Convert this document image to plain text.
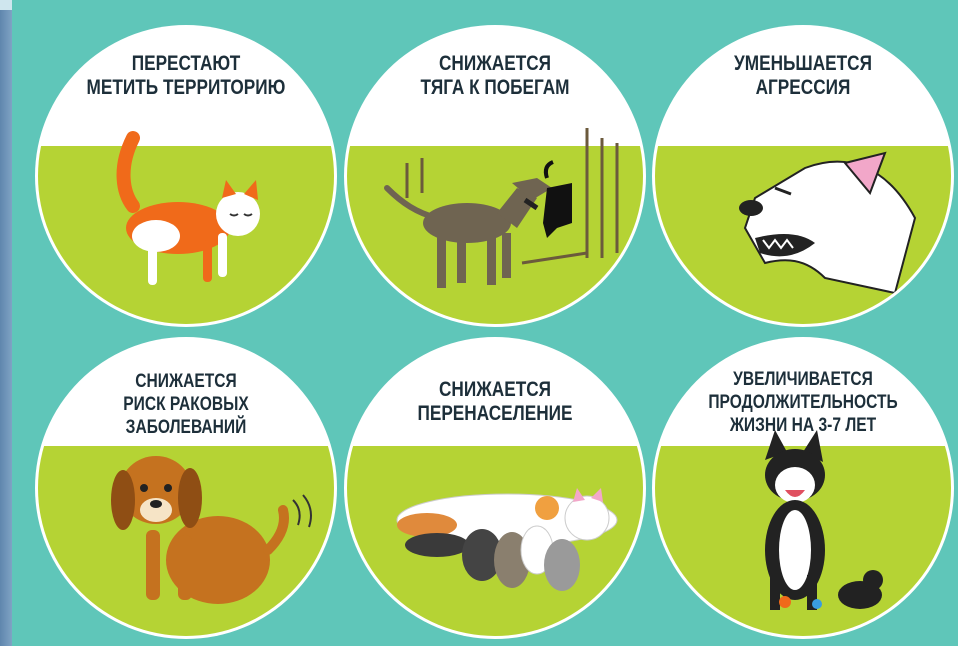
ПЕРЕСТАЮТ
МЕТИТЬ ТЕРРИТОРИЮ
СНИЖАЕТСЯ
ТЯГА К ПОБЕГАМ
УМЕНЬШАЕТСЯ
АГРЕССИЯ
СНИЖАЕТСЯ
РИСК РАКОВЫХ
ЗАБОЛЕВАНИЙ
СНИЖАЕТСЯ
ПЕРЕНАСЕЛЕНИЕ
УВЕЛИЧИВАЕТСЯ
ПРОДОЛЖИТЕЛЬНОСТЬ
ЖИЗНИ НА 3-7 ЛЕТ
